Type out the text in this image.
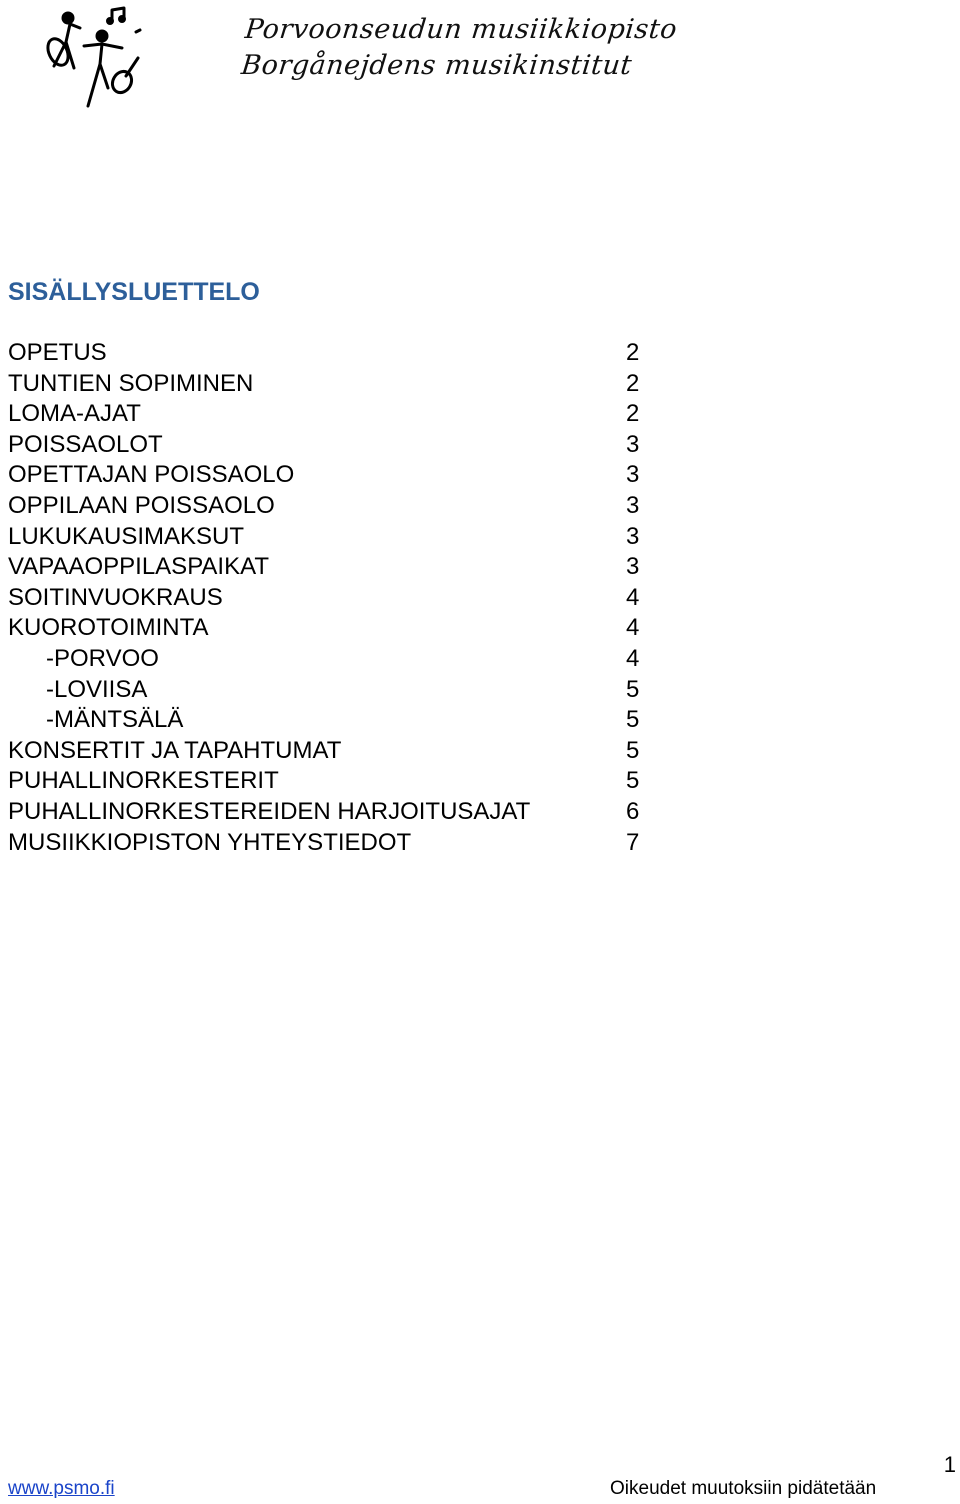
Porvoonseudun musiikkiopisto
Borgånejdens musikinstitut
SISÄLLYSLUETTELO
OPETUS	2
TUNTIEN SOPIMINEN	2
LOMA-AJAT	2
POISSAOLOT	3
OPETTAJAN POISSAOLO	3
OPPILAAN POISSAOLO	3
LUKUKAUSIMAKSUT	3
VAPAAOPPILASPAIKAT	3
SOITINVUOKRAUS	4
KUOROTOIMINTA	4
-PORVOO	4
-LOVIISA	5
-MÄNTSÄLÄ	5
KONSERTIT JA TAPAHTUMAT	5
PUHALLINORKESTERIT	5
PUHALLINORKESTEREIDEN HARJOITUSAJAT	6
MUSIIKKIOPISTON YHTEYSTIEDOT	7
1
www.psmo.fi	Oikeudet muutoksiin pidätetään
